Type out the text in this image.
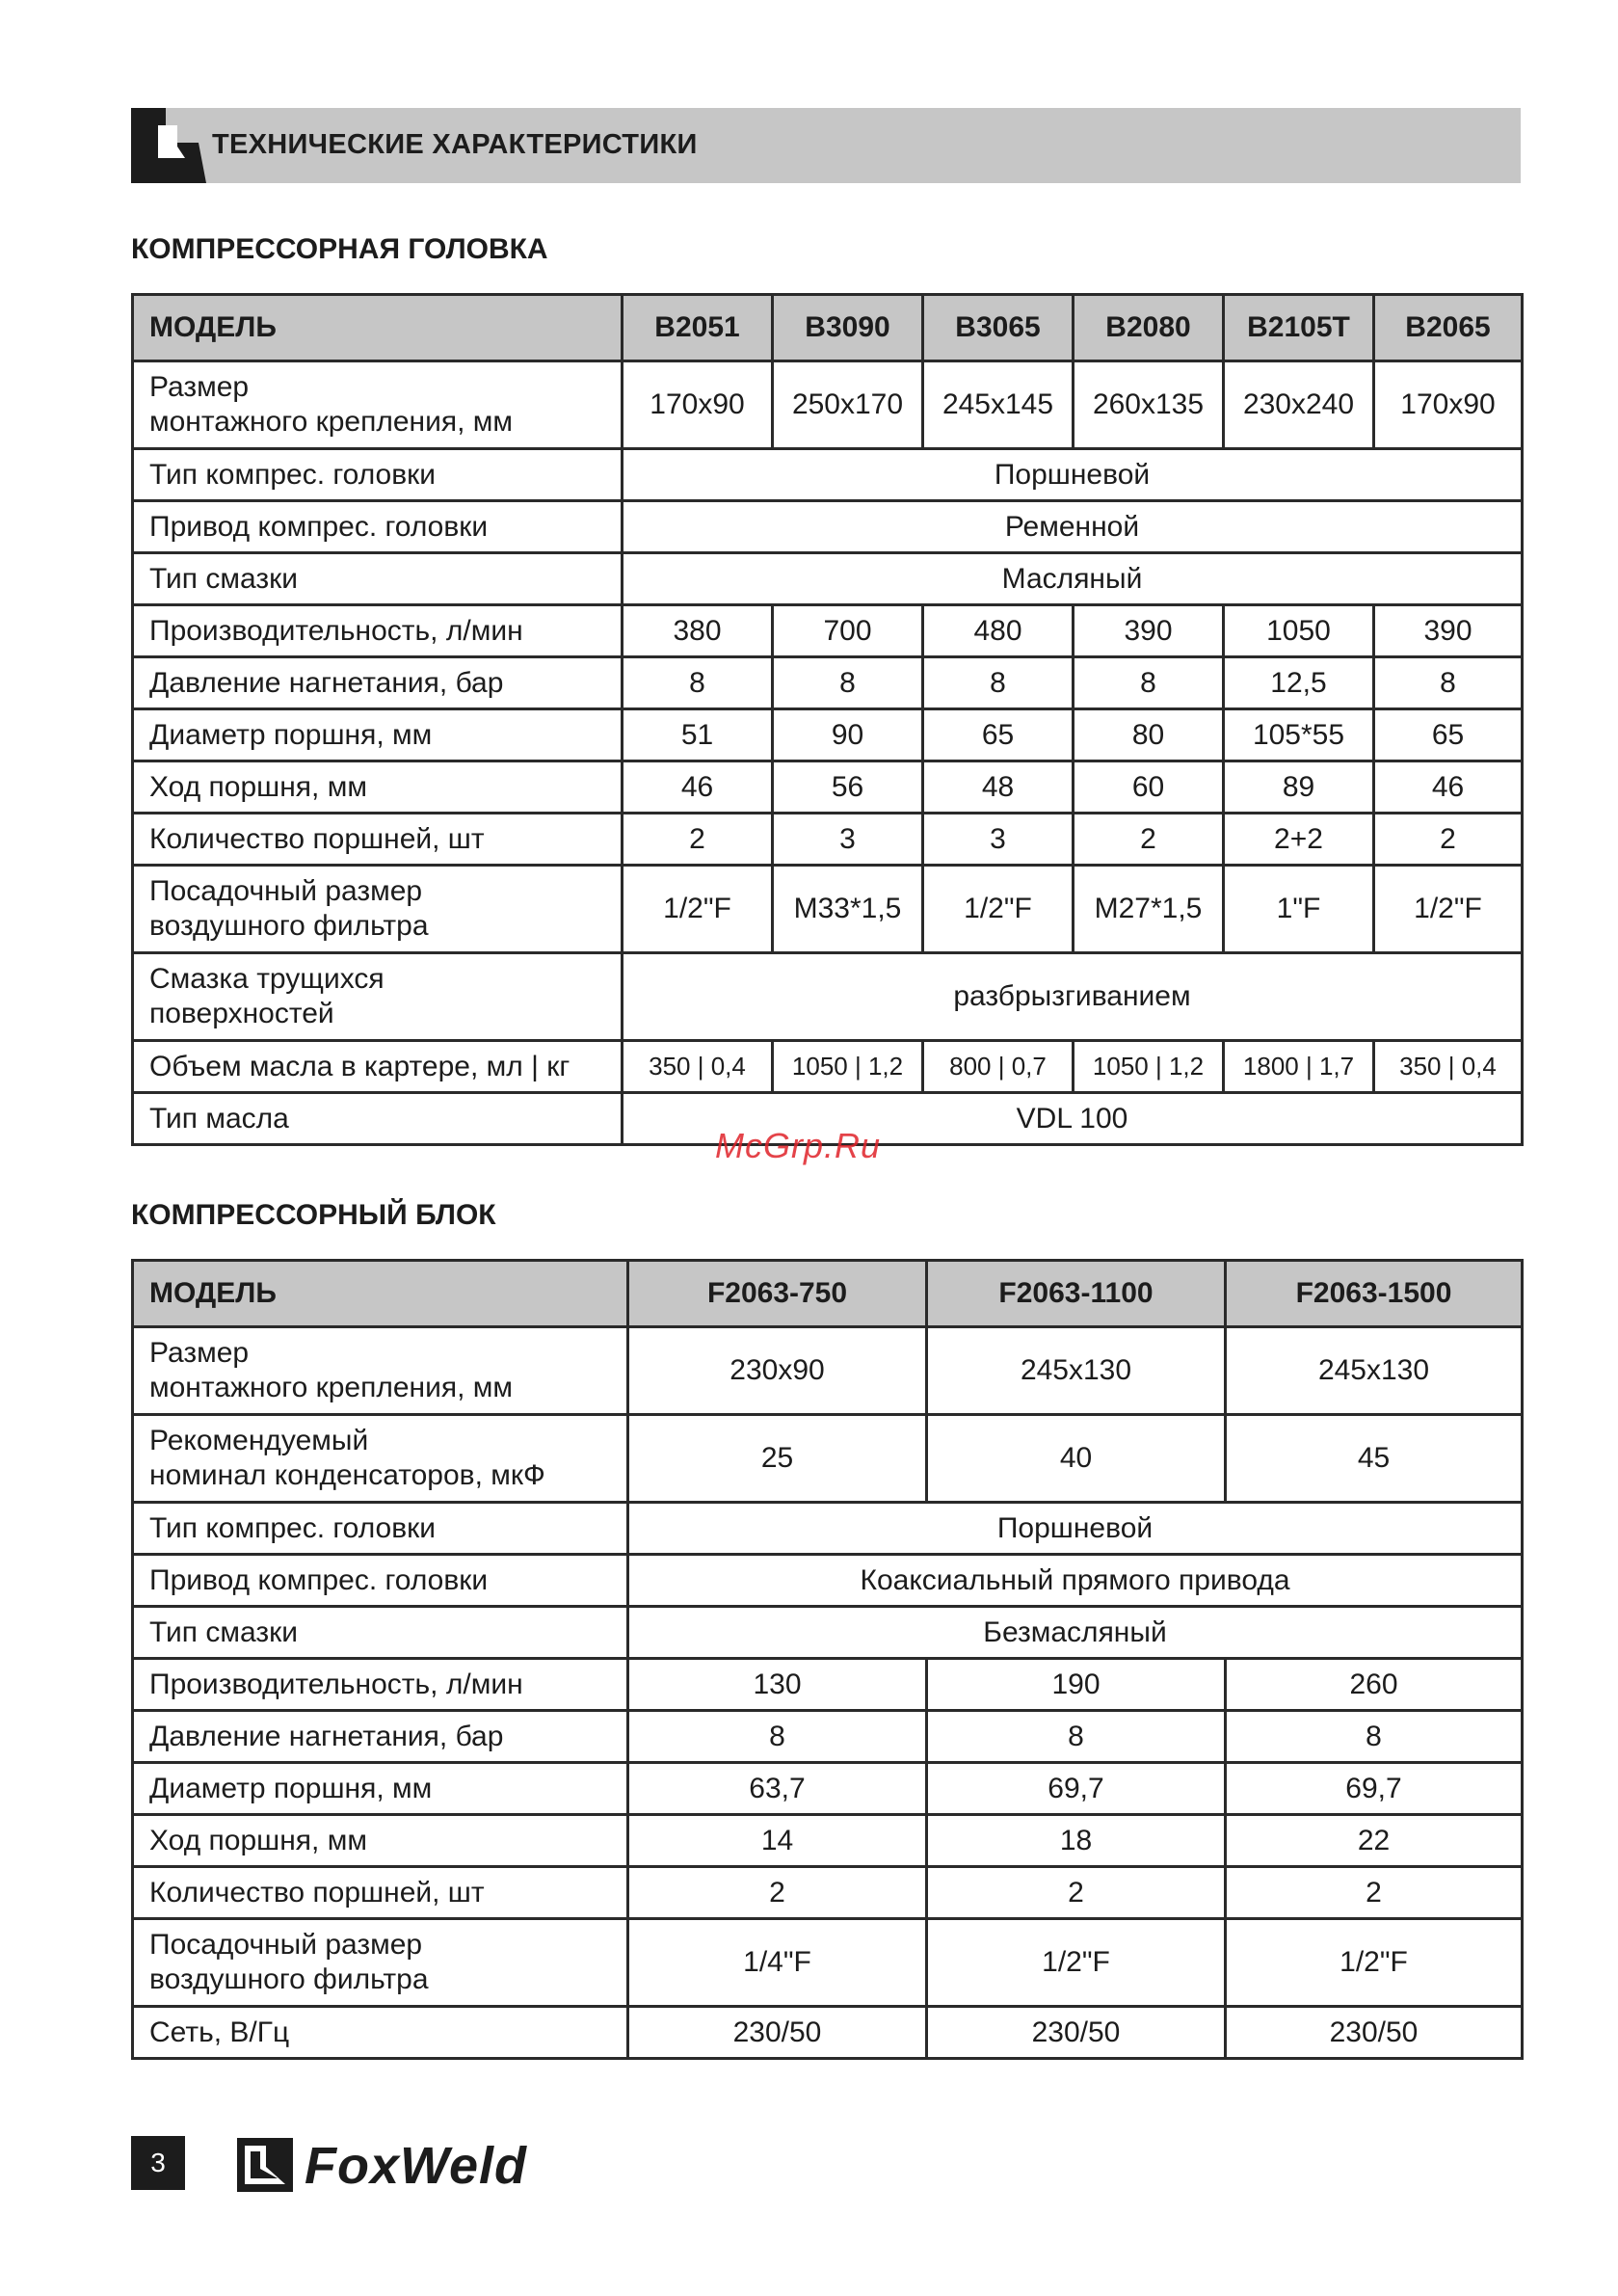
ТЕХНИЧЕСКИЕ ХАРАКТЕРИСТИКИ
КОМПРЕССОРНАЯ ГОЛОВКА
МОДЕЛЬ	B2051	B3090	B3065	B2080	B2105T	B2065

Размер
монтажного крепления, мм	170x90	250x170	245x145	260x135	230x240	170x90

Тип компрес. головки	Поршневой					

Привод компрес. головки	Ременной					

Тип смазки	Масляный					

Производительность, л/мин	380	700	480	390	1050	390

Давление нагнетания, бар	8	8	8	8	12,5	8

Диаметр поршня, мм	51	90	65	80	105*55	65

Ход поршня, мм	46	56	48	60	89	46

Количество поршней, шт	2	3	3	2	2+2	2

Посадочный размер
воздушного фильтра	1/2"F	M33*1,5	1/2"F	M27*1,5	1"F	1/2"F

Смазка трущихся
поверхностей	разбрызгиванием					

Объем масла в картере, мл | кг	350 | 0,4	1050 | 1,2	800 | 0,7	1050 | 1,2	1800 | 1,7	350 | 0,4

Тип масла	VDL 100					
McGrp.Ru
КОМПРЕССОРНЫЙ БЛОК
МОДЕЛЬ	F2063-750	F2063-1100	F2063-1500

Размер
монтажного крепления, мм	230x90	245x130	245x130

Рекомендуемый
номинал конденсаторов, мкФ	25	40	45

Тип компрес. головки	Поршневой		

Привод компрес. головки	Коаксиальный прямого привода		

Тип смазки	Безмасляный		

Производительность, л/мин	130	190	260

Давление нагнетания, бар	8	8	8

Диаметр поршня, мм	63,7	69,7	69,7

Ход поршня, мм	14	18	22

Количество поршней, шт	2	2	2

Посадочный размер
воздушного фильтра	1/4"F	1/2"F	1/2"F

Сеть, В/Гц	230/50	230/50	230/50
3	FoxWeld
